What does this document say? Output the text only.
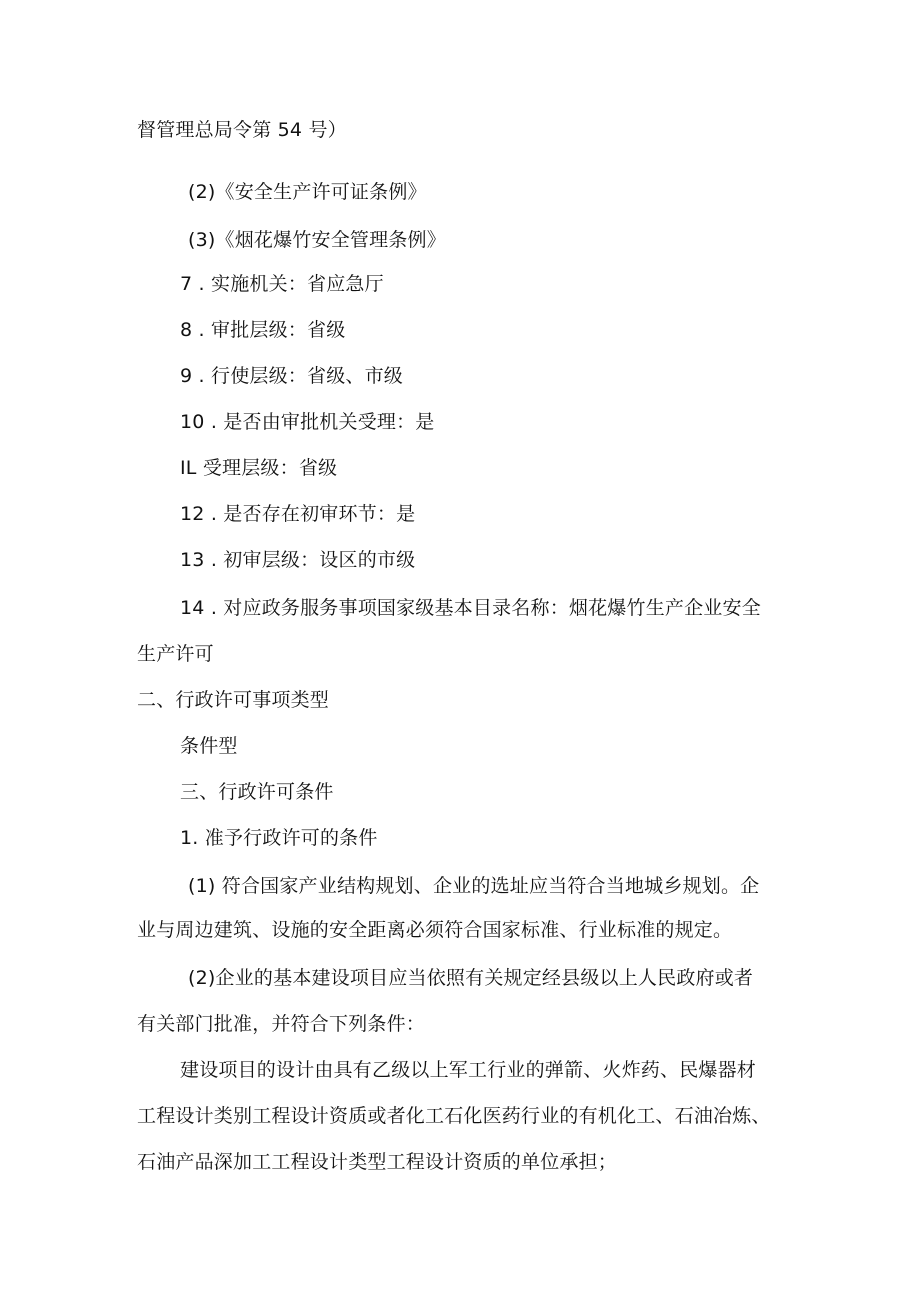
督管理总局令第 54 号）
(2)《安全生产许可证条例》
(3)《烟花爆竹安全管理条例》
7 . 实施机关：省应急厅
8 . 审批层级：省级
9 . 行使层级：省级、市级
10 . 是否由审批机关受理：是
IL 受理层级：省级
12 . 是否存在初审环节：是
13 . 初审层级：设区的市级
14 . 对应政务服务事项国家级基本目录名称：烟花爆竹生产企业安全
生产许可
二、行政许可事项类型
条件型
三、行政许可条件
1. 准予行政许可的条件
(1) 符合国家产业结构规划、企业的选址应当符合当地城乡规划。企
业与周边建筑、设施的安全距离必须符合国家标准、行业标准的规定。
(2)企业的基本建设项目应当依照有关规定经县级以上人民政府或者
有关部门批准，并符合下列条件：
建设项目的设计由具有乙级以上军工行业的弹箭、火炸药、民爆器材
工程设计类别工程设计资质或者化工石化医药行业的有机化工、石油冶炼、
石油产品深加工工程设计类型工程设计资质的单位承担；
